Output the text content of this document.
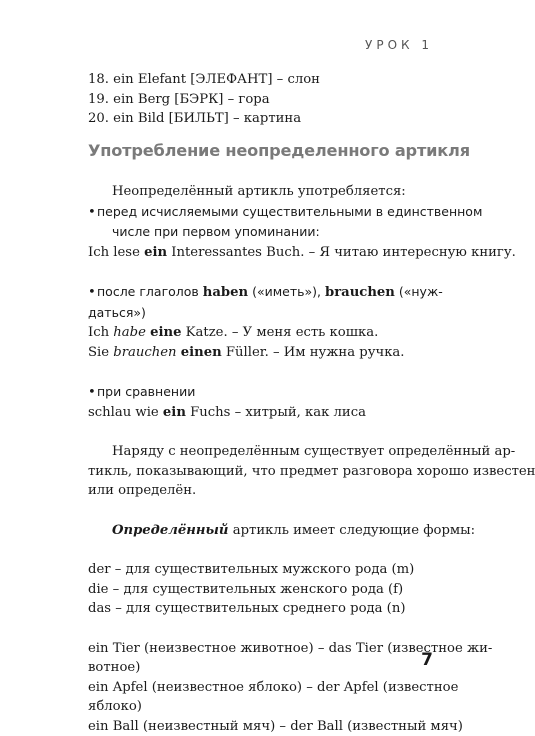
УРОК 1
18. ein Elefant [ЭЛЕФАНТ] – слон
19. ein Berg [БЭРК] – гора
20. ein Bild [БИЛЬТ] – картина
Употребление неопределенного артикля
Неопределённый артикль употребляется:
•перед исчисляемыми существительными в единственном
числе при первом упоминании:
Ich lese ein Interessantes Buch. – Я читаю интересную книгу.
•после глаголов haben («иметь»), brauchen («нуж-
даться»)
Ich habe eine Katze. – У меня есть кошка.
Sie brauchen einen Füller. – Им нужна ручка.
•при сравнении
schlau wie ein Fuchs – хитрый, как лиса
Наряду с неопределённым существует определённый ар-
тикль, показывающий, что предмет разговора хорошо известен
или определён.
Определённый артикль имеет следующие формы:
der – для существительных мужского рода (m)
die – для существительных женского рода (f)
das – для существительных среднего рода (n)
ein Tier (неизвестное животное) – das Tier (известное жи-
вотное)
ein Apfel (неизвестное яблоко) – der Apfel (известное
яблоко)
ein Ball (неизвестный мяч) – der Ball (известный мяч)
7
